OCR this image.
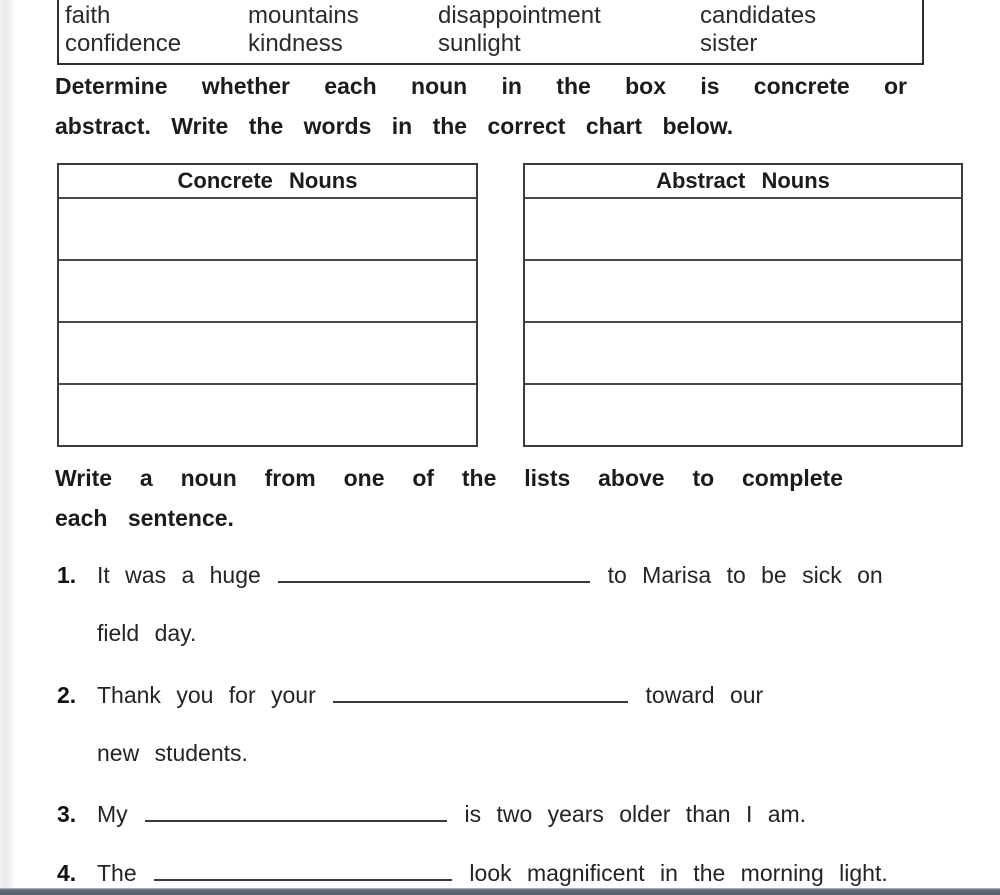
faith	mountains	disappointment	candidates
confidence	kindness	sunlight	sister
Determine whether each noun in the box is concrete or
abstract. Write the words in the correct chart below.
Concrete Nouns	Abstract Nouns
Write a noun from one of the lists above to complete
each sentence.
1. It was a huge	to Marisa to be sick on
field day.
2. Thank you for your	toward our
new students.
3. My	is two years older than I am.
4. The	look magnificent in the morning light.
